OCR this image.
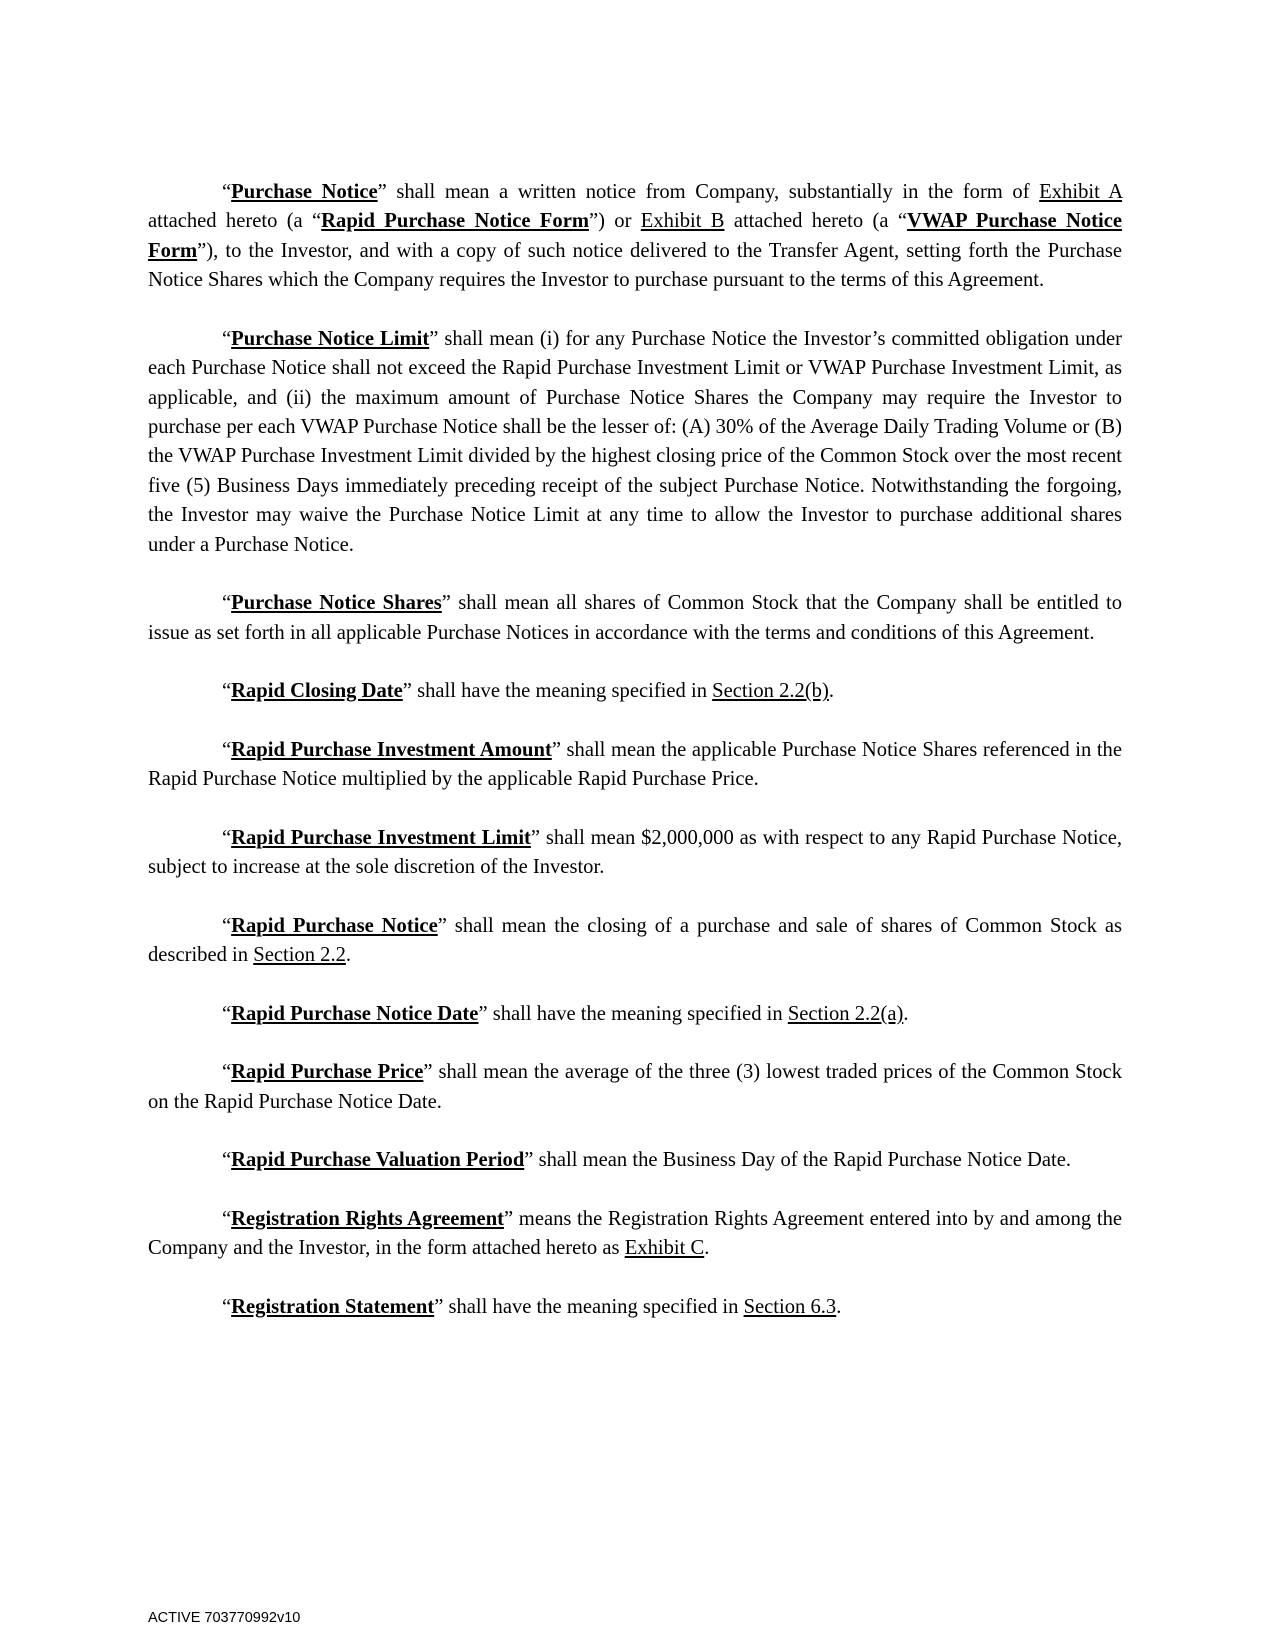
“Purchase Notice” shall mean a written notice from Company, substantially in the form of Exhibit A attached hereto (a “Rapid Purchase Notice Form”) or Exhibit B attached hereto (a “VWAP Purchase Notice Form”), to the Investor, and with a copy of such notice delivered to the Transfer Agent, setting forth the Purchase Notice Shares which the Company requires the Investor to purchase pursuant to the terms of this Agreement.

“Purchase Notice Limit” shall mean (i) for any Purchase Notice the Investor’s committed obligation under each Purchase Notice shall not exceed the Rapid Purchase Investment Limit or VWAP Purchase Investment Limit, as applicable, and (ii) the maximum amount of Purchase Notice Shares the Company may require the Investor to purchase per each VWAP Purchase Notice shall be the lesser of: (A) 30% of the Average Daily Trading Volume or (B) the VWAP Purchase Investment Limit divided by the highest closing price of the Common Stock over the most recent five (5) Business Days immediately preceding receipt of the subject Purchase Notice. Notwithstanding the forgoing, the Investor may waive the Purchase Notice Limit at any time to allow the Investor to purchase additional shares under a Purchase Notice.

“Purchase Notice Shares” shall mean all shares of Common Stock that the Company shall be entitled to issue as set forth in all applicable Purchase Notices in accordance with the terms and conditions of this Agreement.

“Rapid Closing Date” shall have the meaning specified in Section 2.2(b).

“Rapid Purchase Investment Amount” shall mean the applicable Purchase Notice Shares referenced in the Rapid Purchase Notice multiplied by the applicable Rapid Purchase Price.

“Rapid Purchase Investment Limit” shall mean $2,000,000 as with respect to any Rapid Purchase Notice, subject to increase at the sole discretion of the Investor.

“Rapid Purchase Notice” shall mean the closing of a purchase and sale of shares of Common Stock as described in Section 2.2.

“Rapid Purchase Notice Date” shall have the meaning specified in Section 2.2(a).

“Rapid Purchase Price” shall mean the average of the three (3) lowest traded prices of the Common Stock on the Rapid Purchase Notice Date.

“Rapid Purchase Valuation Period” shall mean the Business Day of the Rapid Purchase Notice Date.

“Registration Rights Agreement” means the Registration Rights Agreement entered into by and among the Company and the Investor, in the form attached hereto as Exhibit C.

“Registration Statement” shall have the meaning specified in Section 6.3.

ACTIVE 703770992v10
